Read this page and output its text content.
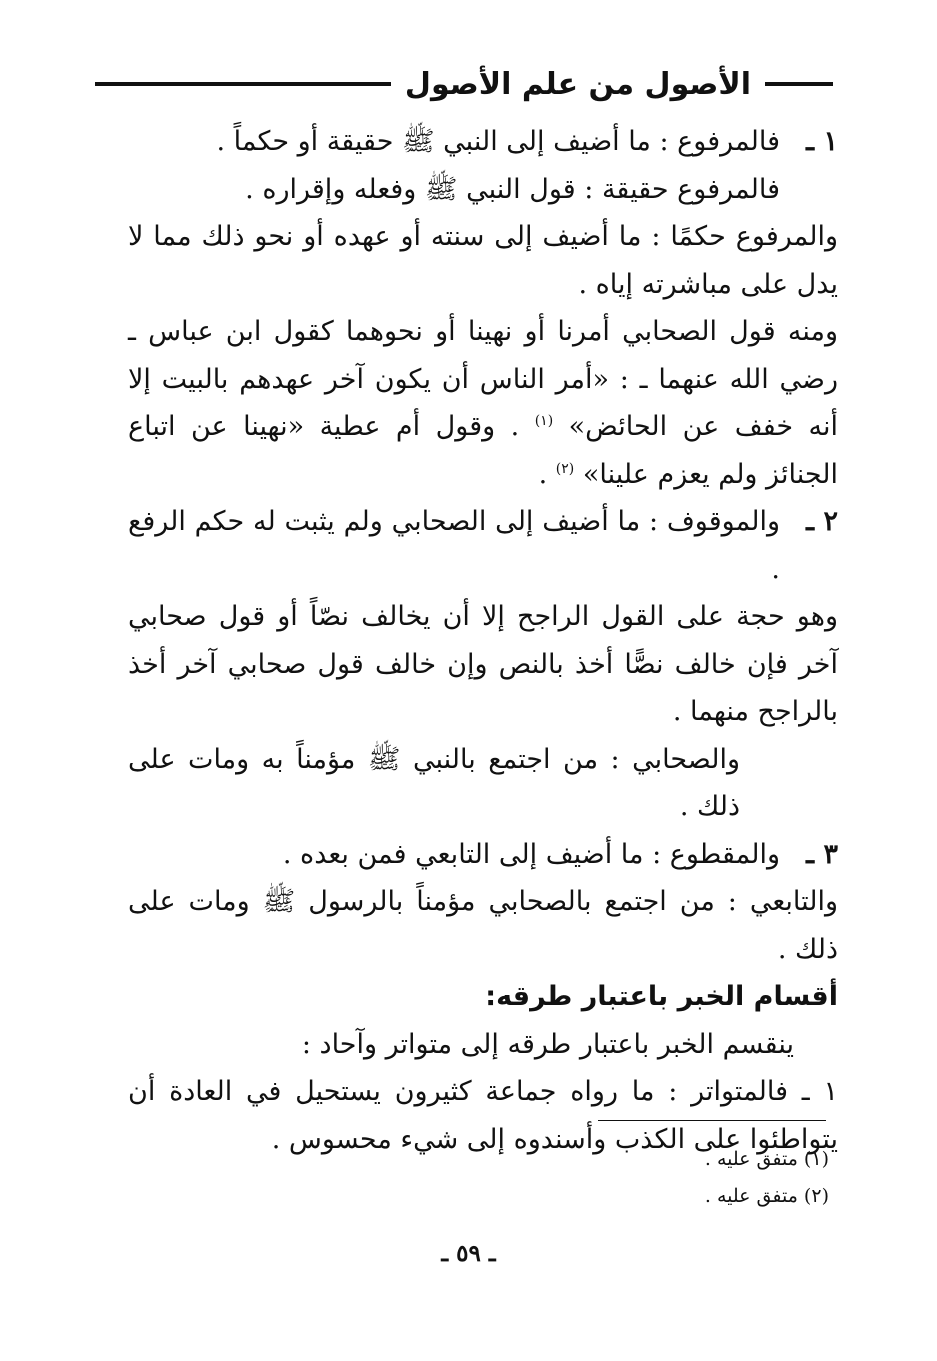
الأصول من علم الأصول
١ ـ

فالمرفوع : ما أضيف إلى النبي ﷺ حقيقة أو حكماً .

فالمرفوع حقيقة : قول النبي ﷺ وفعله وإقراره .

والمرفوع حكمًا : ما أضيف إلى سنته أو عهده أو نحو ذلك مما لا يدل على مباشرته إياه .

ومنه قول الصحابي أمرنا أو نهينا أو نحوهما كقول ابن عباس ـ رضي الله عنهما ـ : «أمر الناس أن يكون آخر عهدهم بالبيت إلا أنه خفف عن الحائض» $^{(١)}$ . وقول أم عطية «نهينا عن اتباع الجنائز ولم يعزم علينا» $^{(٢)}$ .

٢ ـ

والموقوف : ما أضيف إلى الصحابي ولم يثبت له حكم الرفع .

وهو حجة على القول الراجح إلا أن يخالف نصّاً أو قول صحابي آخر فإن خالف نصًّا أخذ بالنص وإن خالف قول صحابي آخر أخذ بالراجح منهما .

والصحابي : من اجتمع بالنبي ﷺ مؤمناً به ومات على ذلك .

٣ ـ

والمقطوع : ما أضيف إلى التابعي فمن بعده .

والتابعي : من اجتمع بالصحابي مؤمناً بالرسول ﷺ ومات على ذلك .

أقسام الخبر باعتبار طرقه:

ينقسم الخبر باعتبار طرقه إلى متواتر وآحاد :

١ ـ فالمتواتر : ما رواه جماعة كثيرون يستحيل في العادة أن يتواطئوا على الكذب وأسندوه إلى شيء محسوس .

(١) متفق عليه .
(٢) متفق عليه .
ـ ٥٩ ـ
